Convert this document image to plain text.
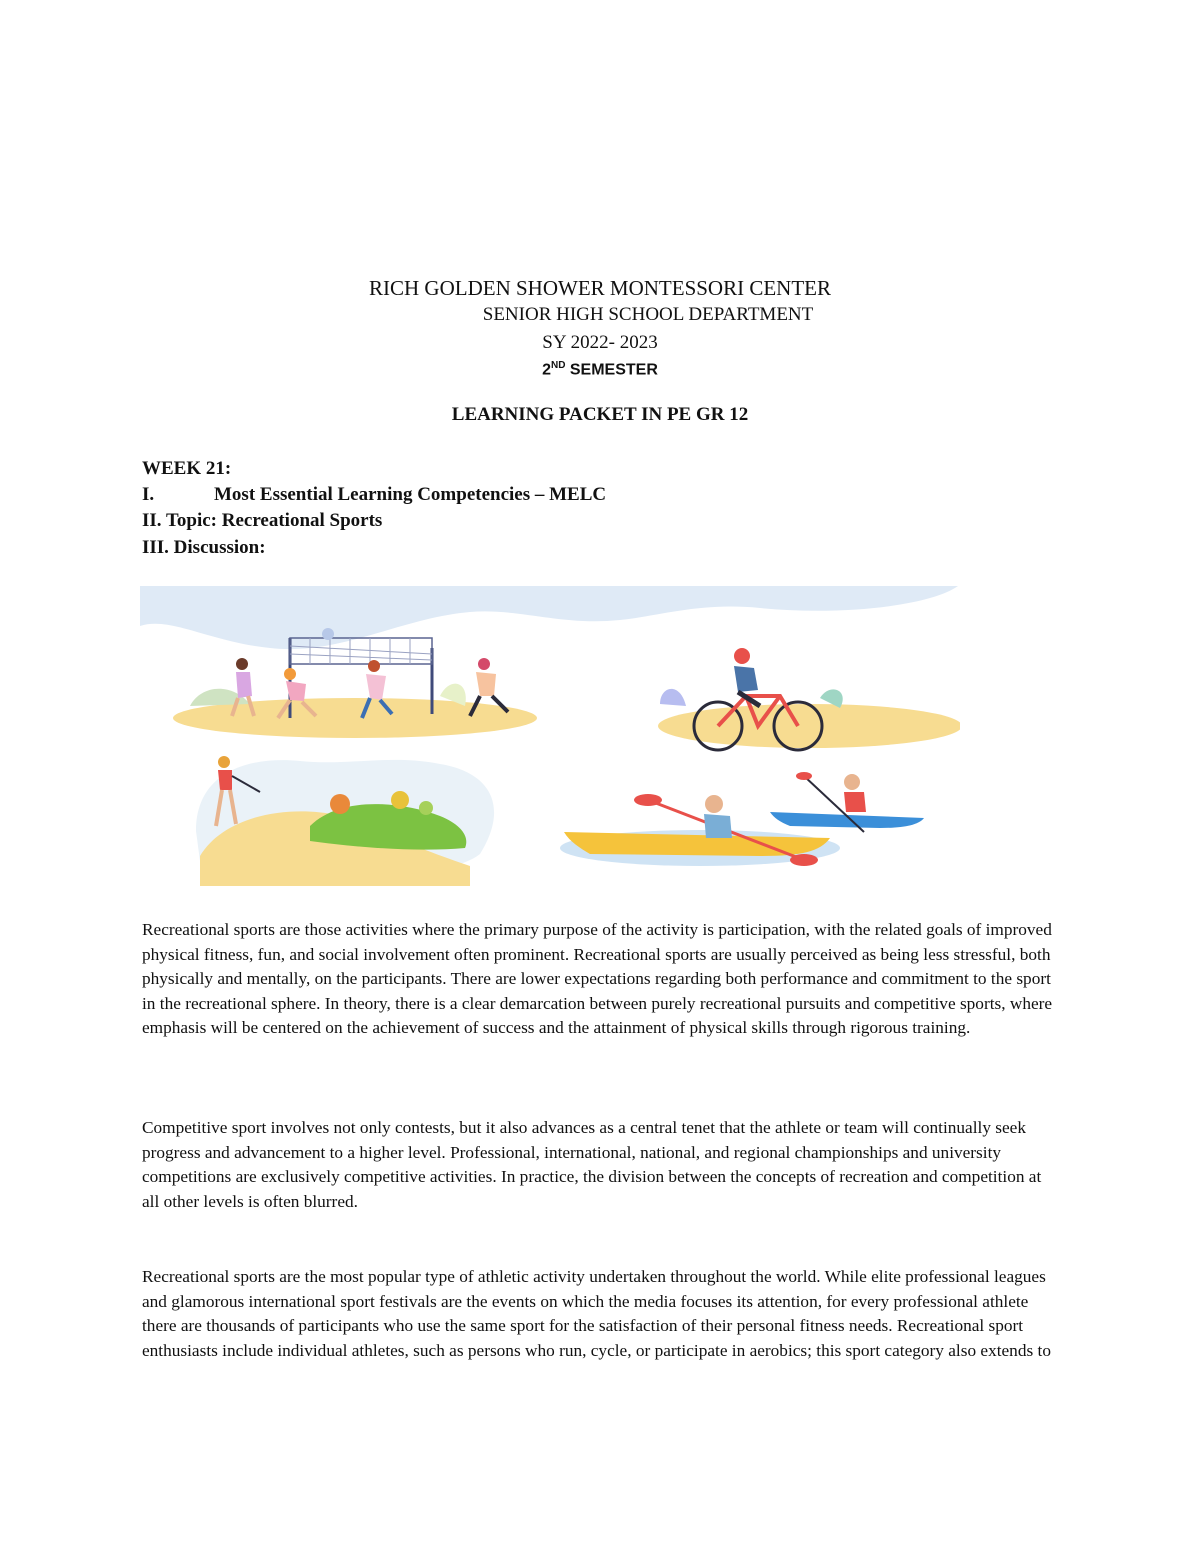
RICH GOLDEN SHOWER MONTESSORI CENTER
SENIOR HIGH SCHOOL DEPARTMENT
SY 2022- 2023
2ND SEMESTER
LEARNING PACKET IN PE GR 12
WEEK 21:
I.	Most Essential Learning Competencies – MELC
II. Topic: Recreational Sports
III. Discussion:

Recreational sports are those activities where the primary purpose of the activity is participation, with the related goals of improved physical fitness, fun, and social involvement often prominent. Recreational sports are usually perceived as being less stressful, both physically and mentally, on the participants. There are lower expectations regarding both performance and commitment to the sport in the recreational sphere. In theory, there is a clear demarcation between purely recreational pursuits and competitive sports, where emphasis will be centered on the achievement of success and the attainment of physical skills through rigorous training.

Competitive sport involves not only contests, but it also advances as a central tenet that the athlete or team will continually seek progress and advancement to a higher level. Professional, international, national, and regional championships and university competitions are exclusively competitive activities. In practice, the division between the concepts of recreation and competition at all other levels is often blurred.

Recreational sports are the most popular type of athletic activity undertaken throughout the world. While elite professional leagues and glamorous international sport festivals are the events on which the media focuses its attention, for every professional athlete there are thousands of participants who use the same sport for the satisfaction of their personal fitness needs. Recreational sport enthusiasts include individual athletes, such as persons who run, cycle, or participate in aerobics; this sport category also extends to
